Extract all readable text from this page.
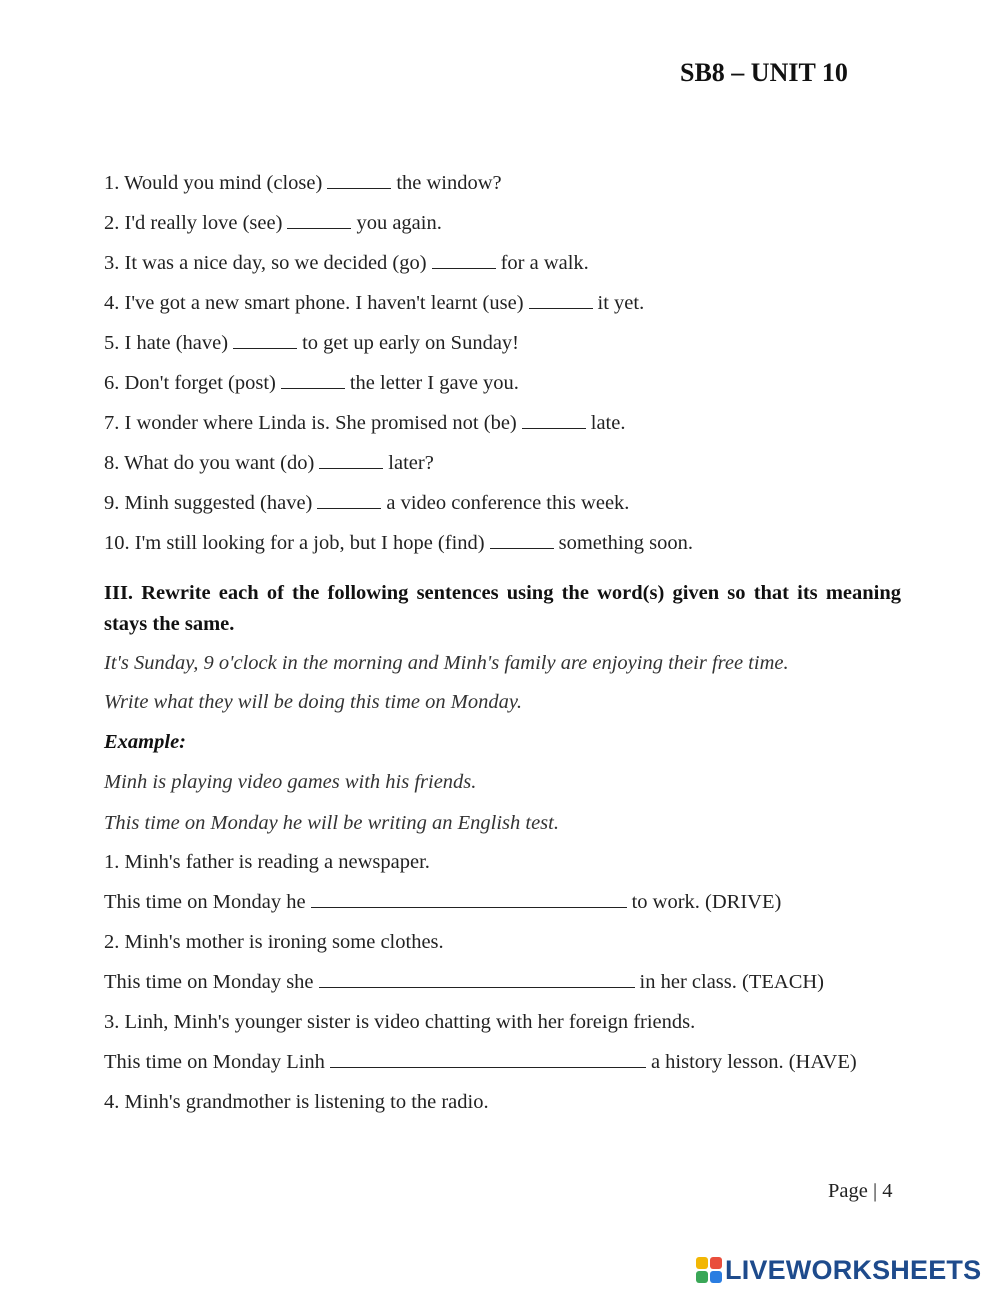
SB8 – UNIT 10
1. Would you mind (close)	the window?
2. I'd really love (see)	you again.
3. It was a nice day, so we decided (go)	for a walk.
4. I've got a new smart phone. I haven't learnt (use)	it yet.
5. I hate (have)	to get up early on Sunday!
6. Don't forget (post)	the letter I gave you.
7. I wonder where Linda is. She promised not (be)	late.
8. What do you want (do)	later?
9. Minh suggested (have)	a video conference this week.
10. I'm still looking for a job, but I hope (find)	something soon.
III. Rewrite each of the following sentences using the word(s) given so that its meaning stays the same.
It's Sunday, 9 o'clock in the morning and Minh's family are enjoying their free time.
Write what they will be doing this time on Monday.
Example:
Minh is playing video games with his friends.
This time on Monday he will be writing an English test.
1. Minh's father is reading a newspaper.
This time on Monday he	to work. (DRIVE)
2. Minh's mother is ironing some clothes.
This time on Monday she	in her class. (TEACH)
3. Linh, Minh's younger sister is video chatting with her foreign friends.
This time on Monday Linh	a history lesson. (HAVE)
4. Minh's grandmother is listening to the radio.
Page | 4
LIVEWORKSHEETS
